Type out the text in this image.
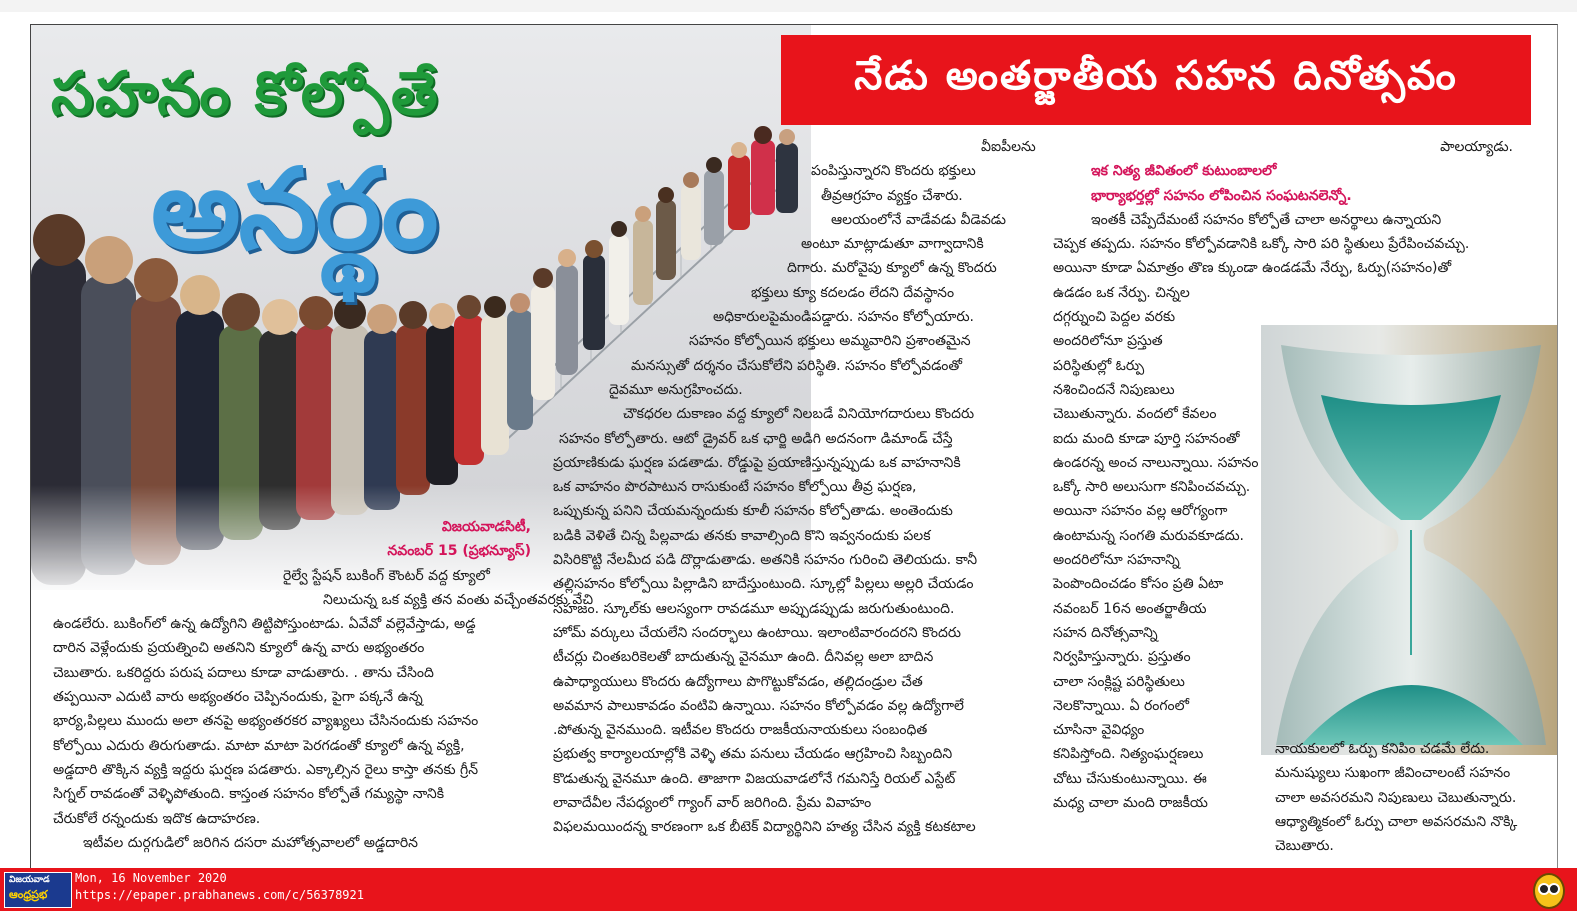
సహనం కోల్పోతే
అనర్థం
నేడు అంతర్జాతీయ సహన దినోత్సవం

విజయవాడసిటీ,

నవంబర్ 15 (ప్రభన్యూస్)

రైల్వే స్టేషన్ బుకింగ్ కౌంటర్ వద్ద క్యూలో

నిలుచున్న ఒక వ్యక్తి తన వంతు వచ్చేంతవరకు వేచి

ఉండలేరు. బుకింగ్‌లో ఉన్న ఉద్యోగిని తిట్టిపోస్తుంటాడు. ఏవేవో వల్లెవేస్తాడు, అడ్డ

దారిన వెళ్లేందుకు ప్రయత్నించి అతనిని క్యూలో ఉన్న వారు అభ్యంతరం

చెబుతారు. ఒకరిద్దరు పరుష పదాలు కూడా వాడుతారు. . తాను చేసింది

తప్పయినా ఎదుటి వారు అభ్యంతరం చెప్పినందుకు, పైగా పక్కనే ఉన్న

భార్య,పిల్లలు ముందు అలా తనపై అభ్యంతరకర వ్యాఖ్యలు చేసినందుకు సహనం

కోల్పోయి ఎదురు తిరుగుతాడు. మాటా మాటా పెరగడంతో క్యూలో ఉన్న వ్యక్తి,

అడ్డదారి తొక్కిన వ్యక్తి ఇద్దరు ఘర్షణ పడతారు. ఎక్కాల్సిన రైలు కాస్తా తనకు గ్రీన్

సిగ్నల్ రావడంతో వెళ్ళిపోతుంది. కాస్తంత సహనం కోల్పోతే గమ్యస్థా నానికి

చేరుకోలే రన్నందుకు ఇదొక ఉదాహరణ.

ఇటీవల దుర్గగుడిలో జరిగిన దసరా మహోత్సవాలలో అడ్డదారిన

వీఐపీలను

పంపిస్తున్నారని కొందరు భక్తులు

తీవ్రఆగ్రహం వ్యక్తం చేశారు.

ఆలయంలోనే వాడేవడు వీడెవడు

అంటూ మాట్లాడుతూ వాగ్వాదానికి

దిగారు. మరోవైపు క్యూలో ఉన్న కొందరు

భక్తులు క్యూ కదలడం లేదని దేవస్థానం

అధికారులపైమండిపడ్డారు. సహనం కోల్పోయారు.

సహనం కోల్పోయిన భక్తులు అమ్మవారిని ప్రశాంతమైన

మనస్సుతో దర్శనం చేసుకోలేని పరిస్థితి. సహనం కోల్పోవడంతో

దైవమూ అనుగ్రహించదు.

చౌకధరల దుకాణం వద్ద క్యూలో నిలబడే వినియోగదారులు కొందరు

సహనం కోల్పోతారు. ఆటో డ్రైవర్ ఒక ఛార్జి అడిగి అదనంగా డిమాండ్ చేస్తే

ప్రయాణికుడు ఘర్షణ పడతాడు. రోడ్డుపై ప్రయాణిస్తున్నప్పుడు ఒక వాహనానికి

ఒక వాహనం పొరపాటున రాసుకుంటే సహనం కోల్పోయి తీవ్ర ఘర్షణ,

ఒప్పుకున్న పనిని చేయమన్నందుకు కూలీ సహనం కోల్పోతాడు. అంతెందుకు

బడికి వెళితే చిన్న పిల్లవాడు తనకు కావాల్సింది కొని ఇవ్వనందుకు పలక

విసిరికొట్టి నేలమీద పడి దొర్లాడుతాడు. అతనికి సహనం గురించి తెలియదు. కానీ

తల్లిసహనం కోల్పోయి పిల్లాడిని బాదేస్తుంటుంది. స్కూల్లో పిల్లలు అల్లరి చేయడం

సహజం. స్కూల్‌కు ఆలస్యంగా రావడమూ అప్పుడప్పుడు జరుగుతుంటుంది.

హోమ్ వర్కులు చేయలేని సందర్భాలు ఉంటాయి. ఇలాంటివారందరని కొందరు

టీచర్లు చింతబరికెలతో బాదుతున్న వైనమూ ఉంది. దీనివల్ల అలా బాదిన

ఉపాధ్యాయులు కొందరు ఉద్యోగాలు పొగొట్టుకోవడం, తల్లిదండ్రుల చేత

అవమాన పాలుకావడం వంటివి ఉన్నాయి. సహనం కోల్పోవడం వల్ల ఉద్యోగాలే

.పోతున్న వైనముంది. ఇటీవల కొందరు రాజకీయనాయకులు సంబంధిత

ప్రభుత్వ కార్యాలయాల్లోకి వెళ్ళి తమ పనులు చేయడం ఆగ్రహించి సిబ్బందిని

కొడుతున్న వైనమూ ఉంది. తాజాగా విజయవాడలోనే గమనిస్తే రియల్ ఎస్టేట్

లావాదేవీల నేపధ్యంలో గ్యాంగ్ వార్ జరిగింది. ప్రేమ వివాహం

విఫలమయిందన్న కారణంగా ఒక బీటెక్ విద్యార్థినిని హత్య చేసిన వ్యక్తి కటకటాల

పాలయ్యాడు.

ఇక నిత్య జీవితంలో కుటుంబాలలో

భార్యాభర్తల్లో సహనం లోపించిన సంఘటనలెన్నో.

ఇంతకీ చెప్పేదేమంటే సహనం కోల్పోతే చాలా అనర్థాలు ఉన్నాయని

చెప్పక తప్పదు. సహనం కోల్పోవడానికి ఒక్కో సారి పరి స్థితులు ప్రేరేపించవచ్చు.

అయినా కూడా ఏమాత్రం తొణ క్కుండా ఉండడమే నేర్పు, ఓర్పు(సహనం)తో

ఉడడం ఒక నేర్పు. చిన్నల

దగ్గర్నుంచి పెద్దల వరకు

అందరిలోనూ ప్రస్తుత

పరిస్థితుల్లో ఓర్పు

నశించిందనే నిపుణులు

చెబుతున్నారు. వందలో కేవలం

ఐదు మంది కూడా పూర్తి సహనంతో

ఉండరన్న అంచ నాలున్నాయి. సహనం

ఒక్కో సారి అలుసుగా కనిపించవచ్చు.

అయినా సహనం వల్ల ఆరోగ్యంగా

ఉంటామన్న సంగతి మరువకూడదు.

అందరిలోనూ సహనాన్ని

పెంపొందించడం కోసం ప్రతి ఏటా

నవంబర్ 16న అంతర్జాతీయ

సహన దినోత్సవాన్ని

నిర్వహిస్తున్నారు. ప్రస్తుతం

చాలా సంక్లిష్ట పరిస్థితులు

నెలకొన్నాయి. ఏ రంగంలో

చూసినా వైవిధ్యం

కనిపిస్తోంది. నిత్యంఘర్షణలు

చోటు చేసుకుంటున్నాయి. ఈ

మధ్య చాలా మంది రాజకీయ

నాయకులలో ఓర్పు కనిపిం చడమే లేదు.

మనుష్యులు సుఖంగా జీవించాలంటే సహనం

చాలా అవసరమని నిపుణులు చెబుతున్నారు.

ఆధ్యాత్మికంలో ఓర్పు చాలా అవసరమని నొక్కి

చెబుతారు.

విజయవాడ
ఆంధ్రప్రభ
Mon, 16 November 2020
https://epaper.prabhanews.com/c/56378921
